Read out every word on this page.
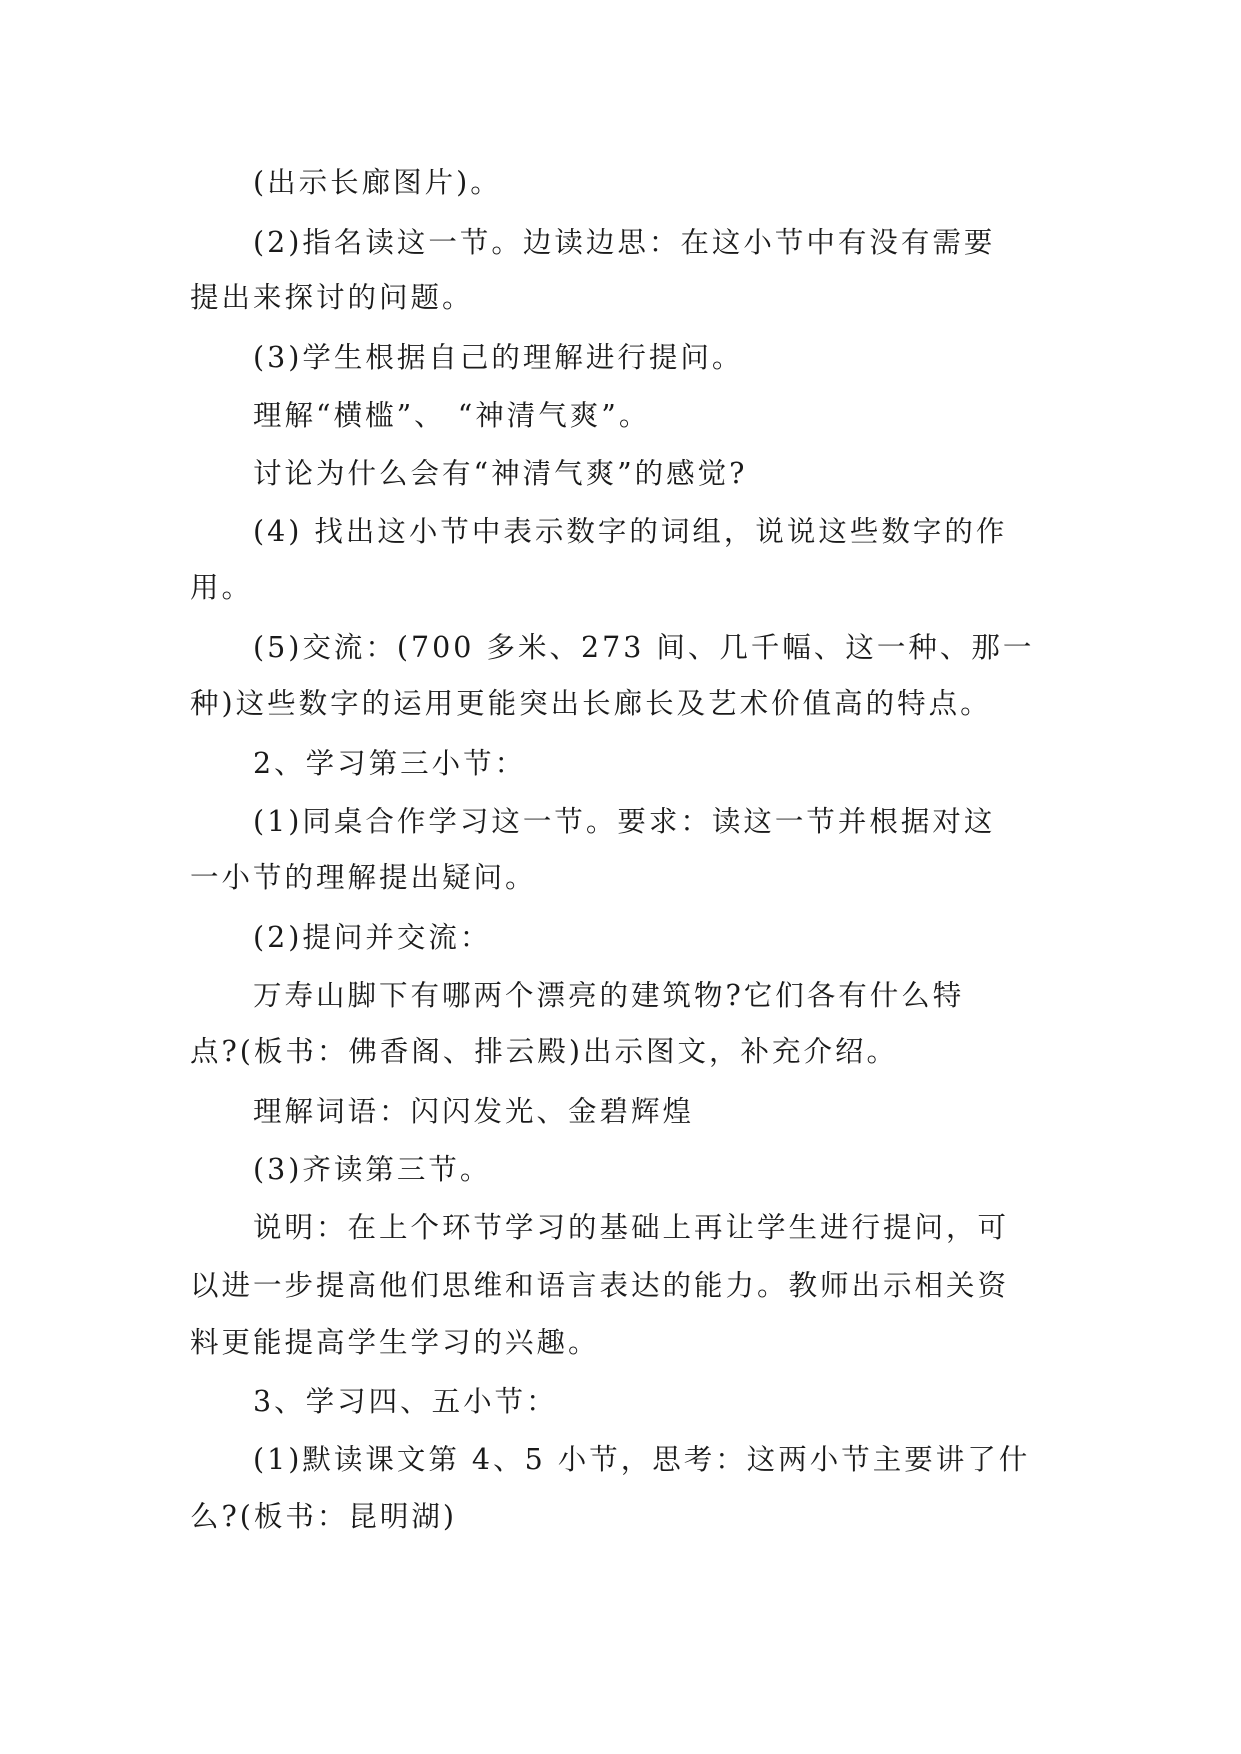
(出示长廊图片)。
(2)指名读这一节。边读边思：在这小节中有没有需要
提出来探讨的问题。
(3)学生根据自己的理解进行提问。
理解“横槛”、 “神清气爽”。
讨论为什么会有“神清气爽”的感觉?
(4) 找出这小节中表示数字的词组，说说这些数字的作
用。
(5)交流：(700 多米、273 间、几千幅、这一种、那一
种)这些数字的运用更能突出长廊长及艺术价值高的特点。
2、学习第三小节：
(1)同桌合作学习这一节。要求：读这一节并根据对这
一小节的理解提出疑问。
(2)提问并交流：
万寿山脚下有哪两个漂亮的建筑物?它们各有什么特
点?(板书：佛香阁、排云殿)出示图文，补充介绍。
理解词语：闪闪发光、金碧辉煌
(3)齐读第三节。
说明：在上个环节学习的基础上再让学生进行提问，可
以进一步提高他们思维和语言表达的能力。教师出示相关资
料更能提高学生学习的兴趣。
3、学习四、五小节：
(1)默读课文第 4、5 小节，思考：这两小节主要讲了什
么?(板书：昆明湖)
